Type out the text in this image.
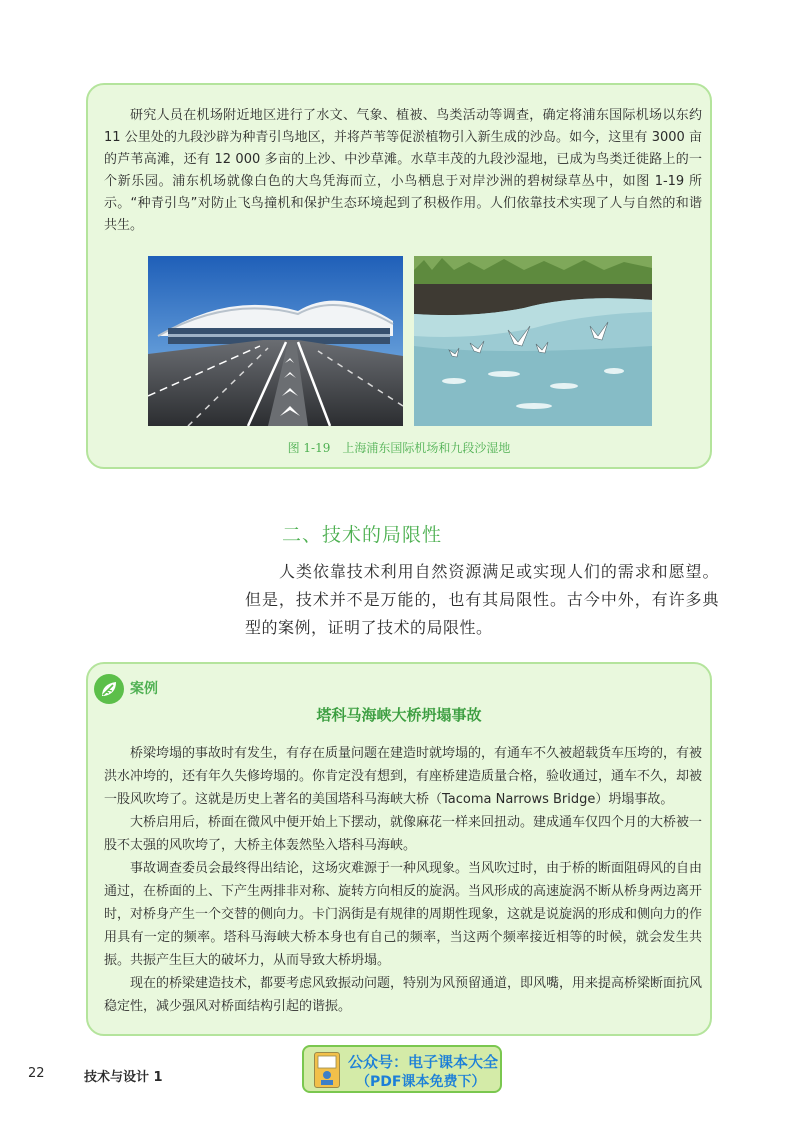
研究人员在机场附近地区进行了水文、气象、植被、鸟类活动等调查，确定将浦东国际机场以东约 11 公里处的九段沙辟为种青引鸟地区，并将芦苇等促淤植物引入新生成的沙岛。如今，这里有 3000 亩的芦苇高滩，还有 12 000 多亩的上沙、中沙草滩。水草丰茂的九段沙湿地，已成为鸟类迁徙路上的一个新乐园。浦东机场就像白色的大鸟凭海而立，小鸟栖息于对岸沙洲的碧树绿草丛中，如图 1-19 所示。“种青引鸟”对防止飞鸟撞机和保护生态环境起到了积极作用。人们依靠技术实现了人与自然的和谐共生。

图 1-19　上海浦东国际机场和九段沙湿地
二、技术的局限性

人类依靠技术利用自然资源满足或实现人们的需求和愿望。但是，技术并不是万能的，也有其局限性。古今中外，有许多典型的案例，证明了技术的局限性。

案例
塔科马海峡大桥坍塌事故

桥梁垮塌的事故时有发生，有存在质量问题在建造时就垮塌的，有通车不久被超载货车压垮的，有被洪水冲垮的，还有年久失修垮塌的。你肯定没有想到，有座桥建造质量合格，验收通过，通车不久，却被一股风吹垮了。这就是历史上著名的美国塔科马海峡大桥（Tacoma Narrows Bridge）坍塌事故。

大桥启用后，桥面在微风中便开始上下摆动，就像麻花一样来回扭动。建成通车仅四个月的大桥被一股不太强的风吹垮了，大桥主体轰然坠入塔科马海峡。

事故调查委员会最终得出结论，这场灾难源于一种风现象。当风吹过时，由于桥的断面阻碍风的自由通过，在桥面的上、下产生两排非对称、旋转方向相反的旋涡。当风形成的高速旋涡不断从桥身两边离开时，对桥身产生一个交替的侧向力。卡门涡街是有规律的周期性现象，这就是说旋涡的形成和侧向力的作用具有一定的频率。塔科马海峡大桥本身也有自己的频率，当这两个频率接近相等的时候，就会发生共振。共振产生巨大的破坏力，从而导致大桥坍塌。

现在的桥梁建造技术，都要考虑风致振动问题，特别为风预留通道，即风嘴，用来提高桥梁断面抗风稳定性，减少强风对桥面结构引起的谐振。

22	技术与设计 1
公众号：电子课本大全
（PDF课本免费下）
